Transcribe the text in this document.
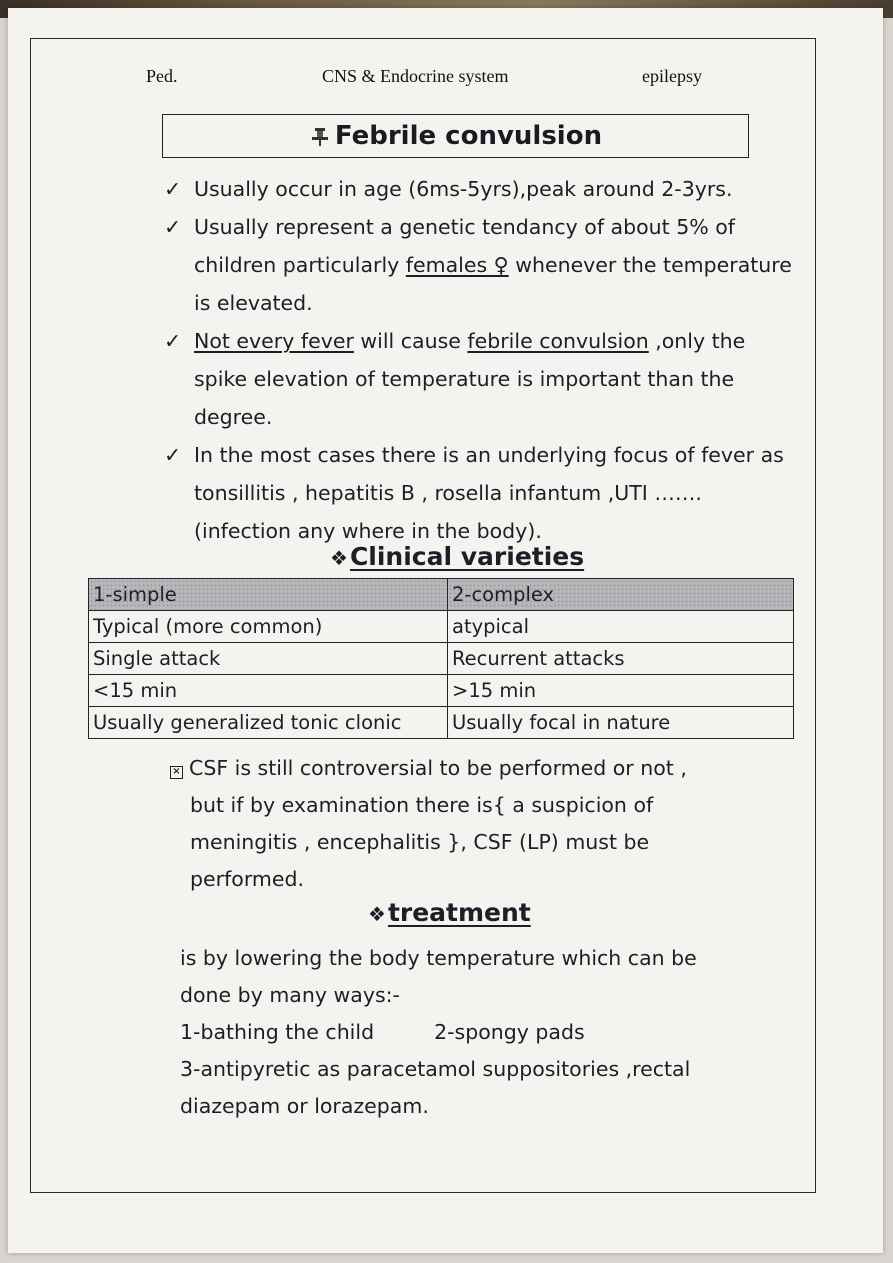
Ped.	CNS & Endocrine system	epilepsy
Febrile convulsion
✓ Usually occur in age (6ms-5yrs),peak around 2-3yrs.
✓ Usually represent a genetic tendancy of about 5% of children particularly females ♀ whenever the temperature is elevated.
✓ Not every fever will cause febrile convulsion ,only the spike elevation of temperature is important than the degree.
✓ In the most cases there is an underlying focus of fever as tonsillitis , hepatitis B , rosella infantum ,UTI ……. (infection any where in the body).
❖Clinical varieties
1-simple	2-complex
Typical (more common)	atypical
Single attack	Recurrent attacks
<15 min	>15 min
Usually generalized tonic clonic	Usually focal in nature
× CSF is still controversial to be performed or not ,
but if by examination there is{ a suspicion of
meningitis , encephalitis }, CSF (LP) must be
performed.
❖treatment
is by lowering the body temperature which can be
done by many ways:-
1-bathing the child	2-spongy pads
3-antipyretic as paracetamol suppositories ,rectal
diazepam or lorazepam.
